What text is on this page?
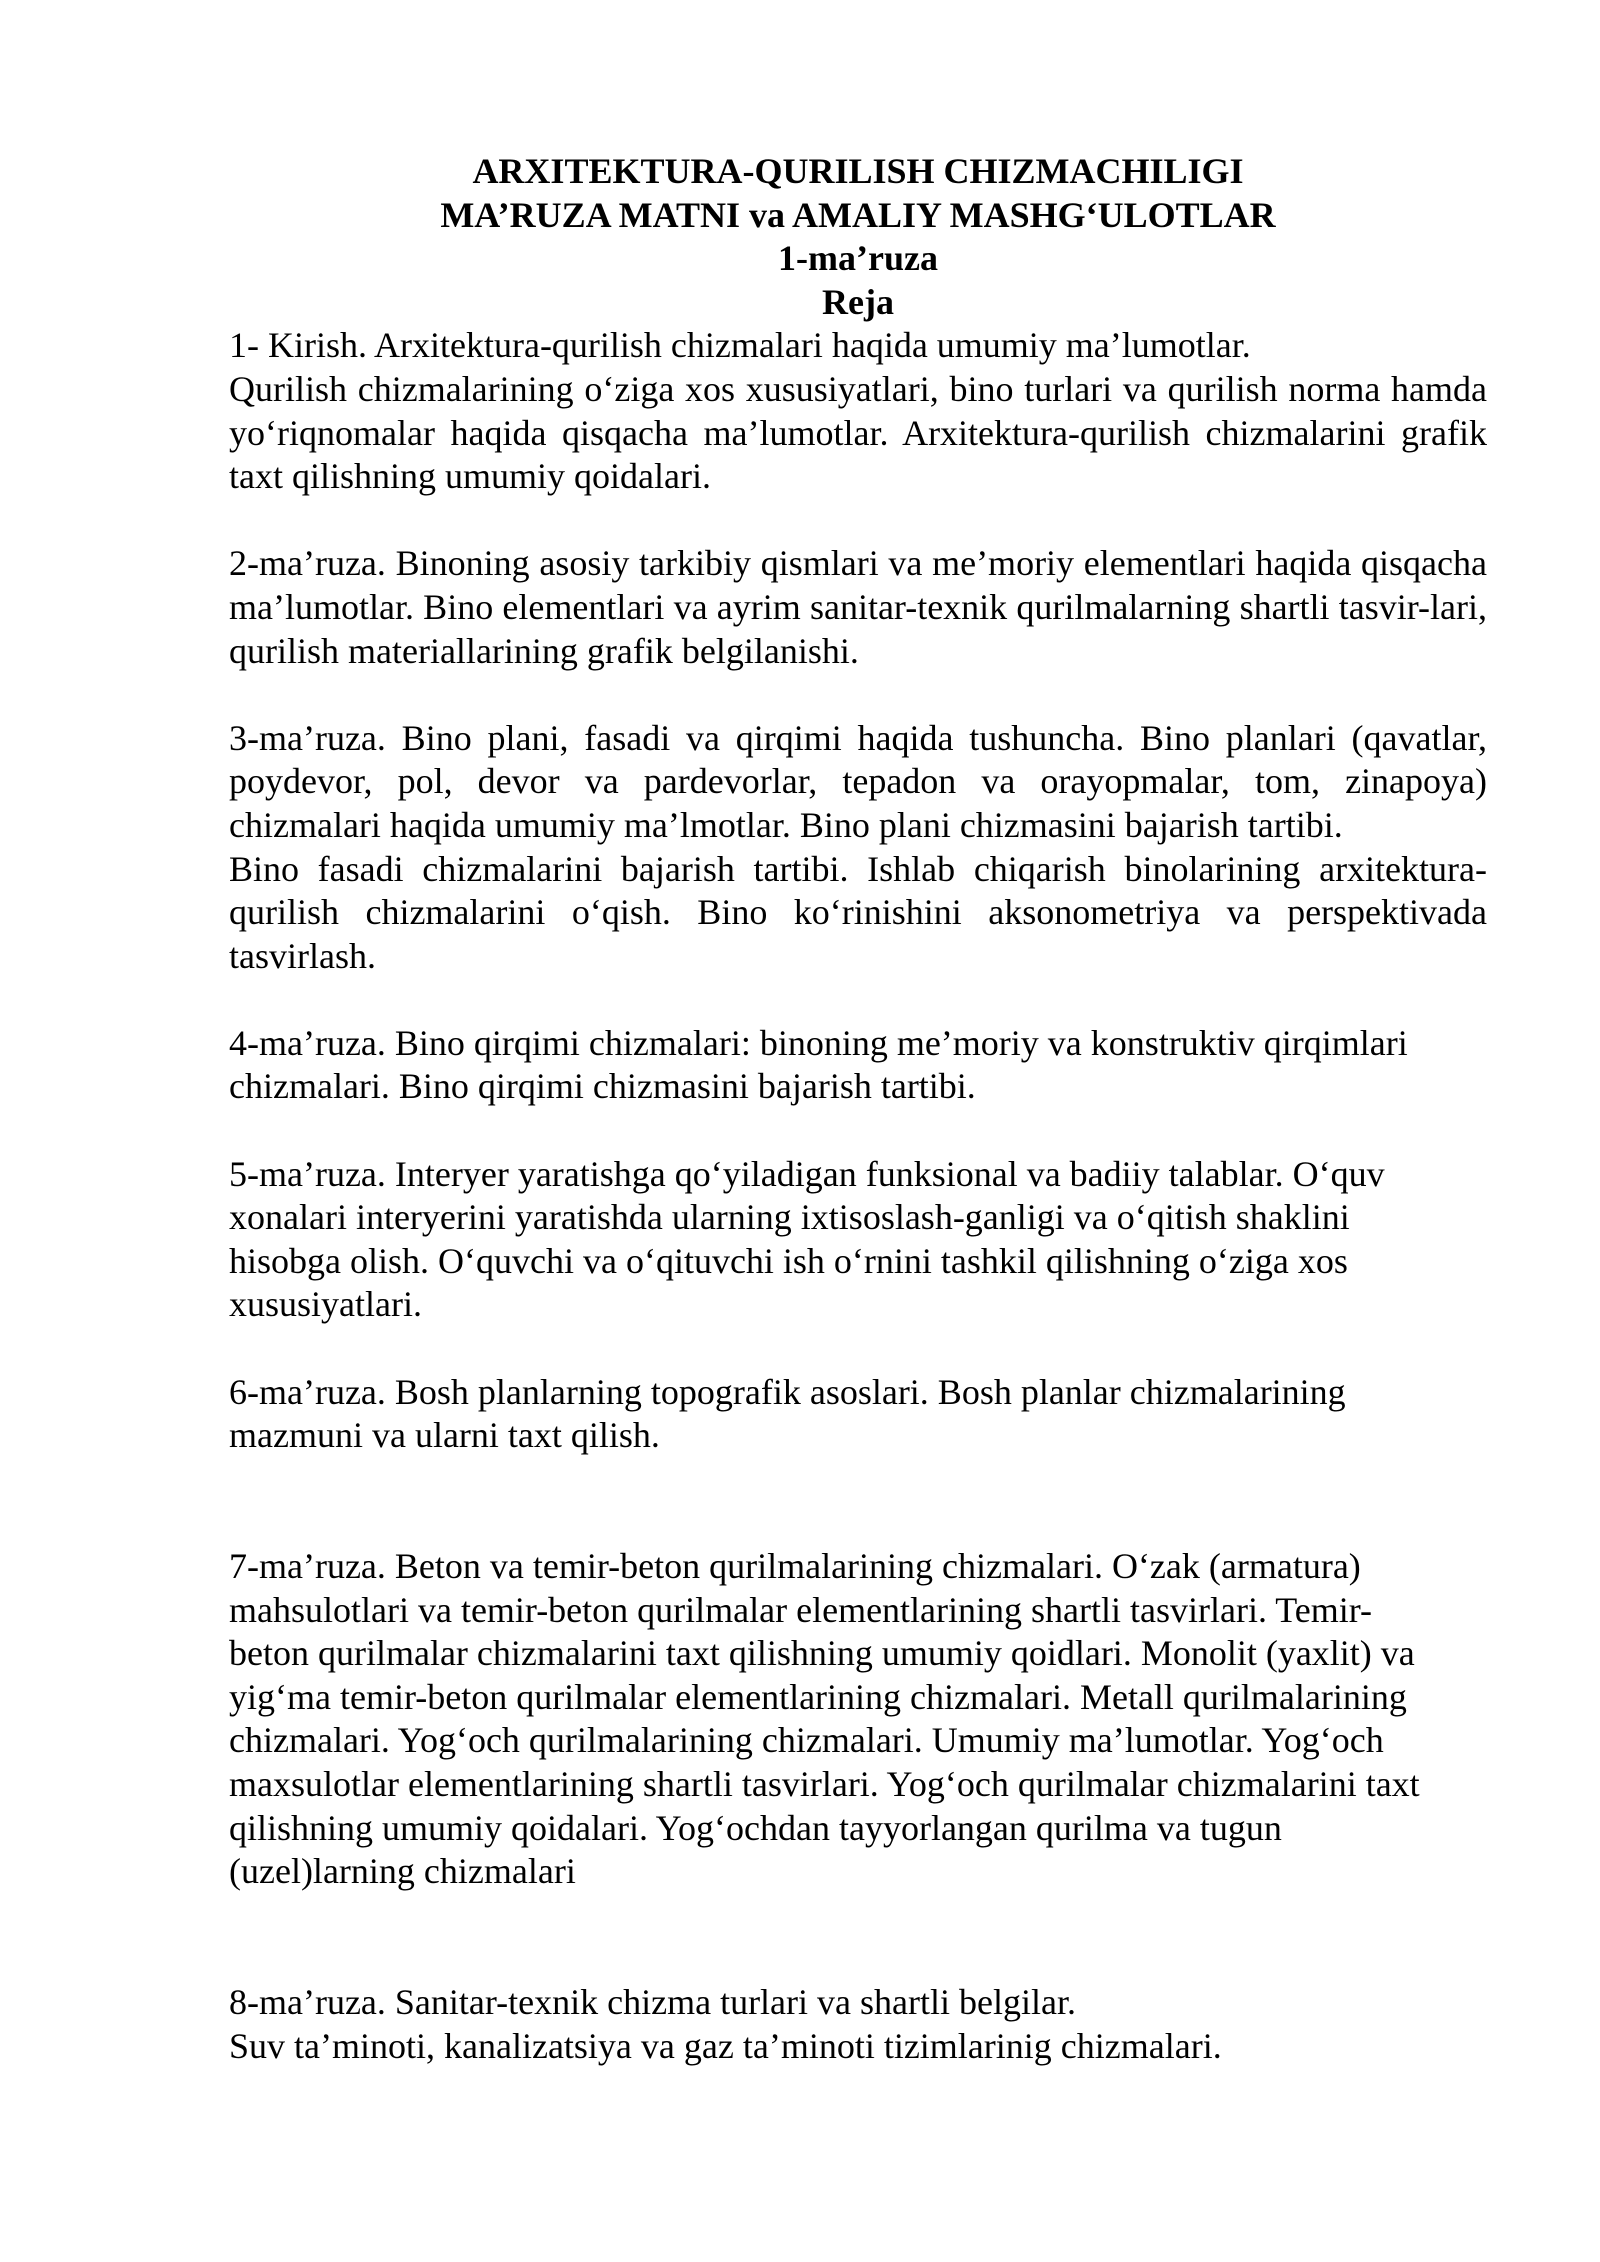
ARXITEKTURA-QURILISH CHIZMACHILIGI
MA’RUZA MATNI va AMALIY MASHG‘ULOTLAR
1-ma’ruza
Reja
1- Kirish. Arxitektura-qurilish chizmalari haqida umumiy ma’lumotlar.

Qurilish chizmalarining o‘ziga xos xususiyatlari, bino turlari va qurilish norma hamda yo‘riqnomalar haqida qisqacha ma’lumotlar. Arxitektura-qurilish chizmalarini grafik taxt qilishning umumiy qoidalari.

2-ma’ruza. Binoning asosiy tarkibiy qismlari va me’moriy elementlari haqida qisqacha ma’lumotlar. Bino elementlari va ayrim sanitar-texnik qurilmalarning shartli tasvir-lari, qurilish materiallarining grafik belgilanishi.

3-ma’ruza. Bino plani, fasadi va qirqimi haqida tushuncha. Bino planlari (qavatlar, poydevor, pol, devor va pardevorlar, tepadon va orayopmalar, tom, zinapoya) chizmalari haqida umumiy ma’lmotlar. Bino plani chizmasini bajarish tartibi.

Bino fasadi chizmalarini bajarish tartibi. Ishlab chiqarish binolarining arxitektura-qurilish chizmalarini o‘qish. Bino ko‘rinishini aksonometriya va perspektivada tasvirlash.

4-ma’ruza. Bino qirqimi chizmalari: binoning me’moriy va konstruktiv qirqimlari
chizmalari. Bino qirqimi chizmasini bajarish tartibi.
5-ma’ruza. Interyer yaratishga qo‘yiladigan funksional va badiiy talablar. O‘quv
xonalari interyerini yaratishda ularning ixtisoslash-ganligi va o‘qitish shaklini
hisobga olish. O‘quvchi va o‘qituvchi ish o‘rnini tashkil qilishning o‘ziga xos
xususiyatlari.
6-ma’ruza. Bosh planlarning topografik asoslari. Bosh planlar chizmalarining
mazmuni va ularni taxt qilish.
7-ma’ruza. Beton va temir-beton qurilmalarining chizmalari. O‘zak (armatura)
mahsulotlari va temir-beton qurilmalar elementlarining shartli tasvirlari. Temir-
beton qurilmalar chizmalarini taxt qilishning umumiy qoidlari. Monolit (yaxlit) va
yig‘ma temir-beton qurilmalar elementlarining chizmalari. Metall qurilmalarining
chizmalari. Yog‘och qurilmalarining chizmalari. Umumiy ma’lumotlar. Yog‘och
maxsulotlar elementlarining shartli tasvirlari. Yog‘och qurilmalar chizmalarini taxt
qilishning umumiy qoidalari. Yog‘ochdan tayyorlangan qurilma va tugun
(uzel)larning chizmalari
8-ma’ruza. Sanitar-texnik chizma turlari va shartli belgilar.
Suv ta’minoti, kanalizatsiya va gaz ta’minoti tizimlarinig chizmalari.
